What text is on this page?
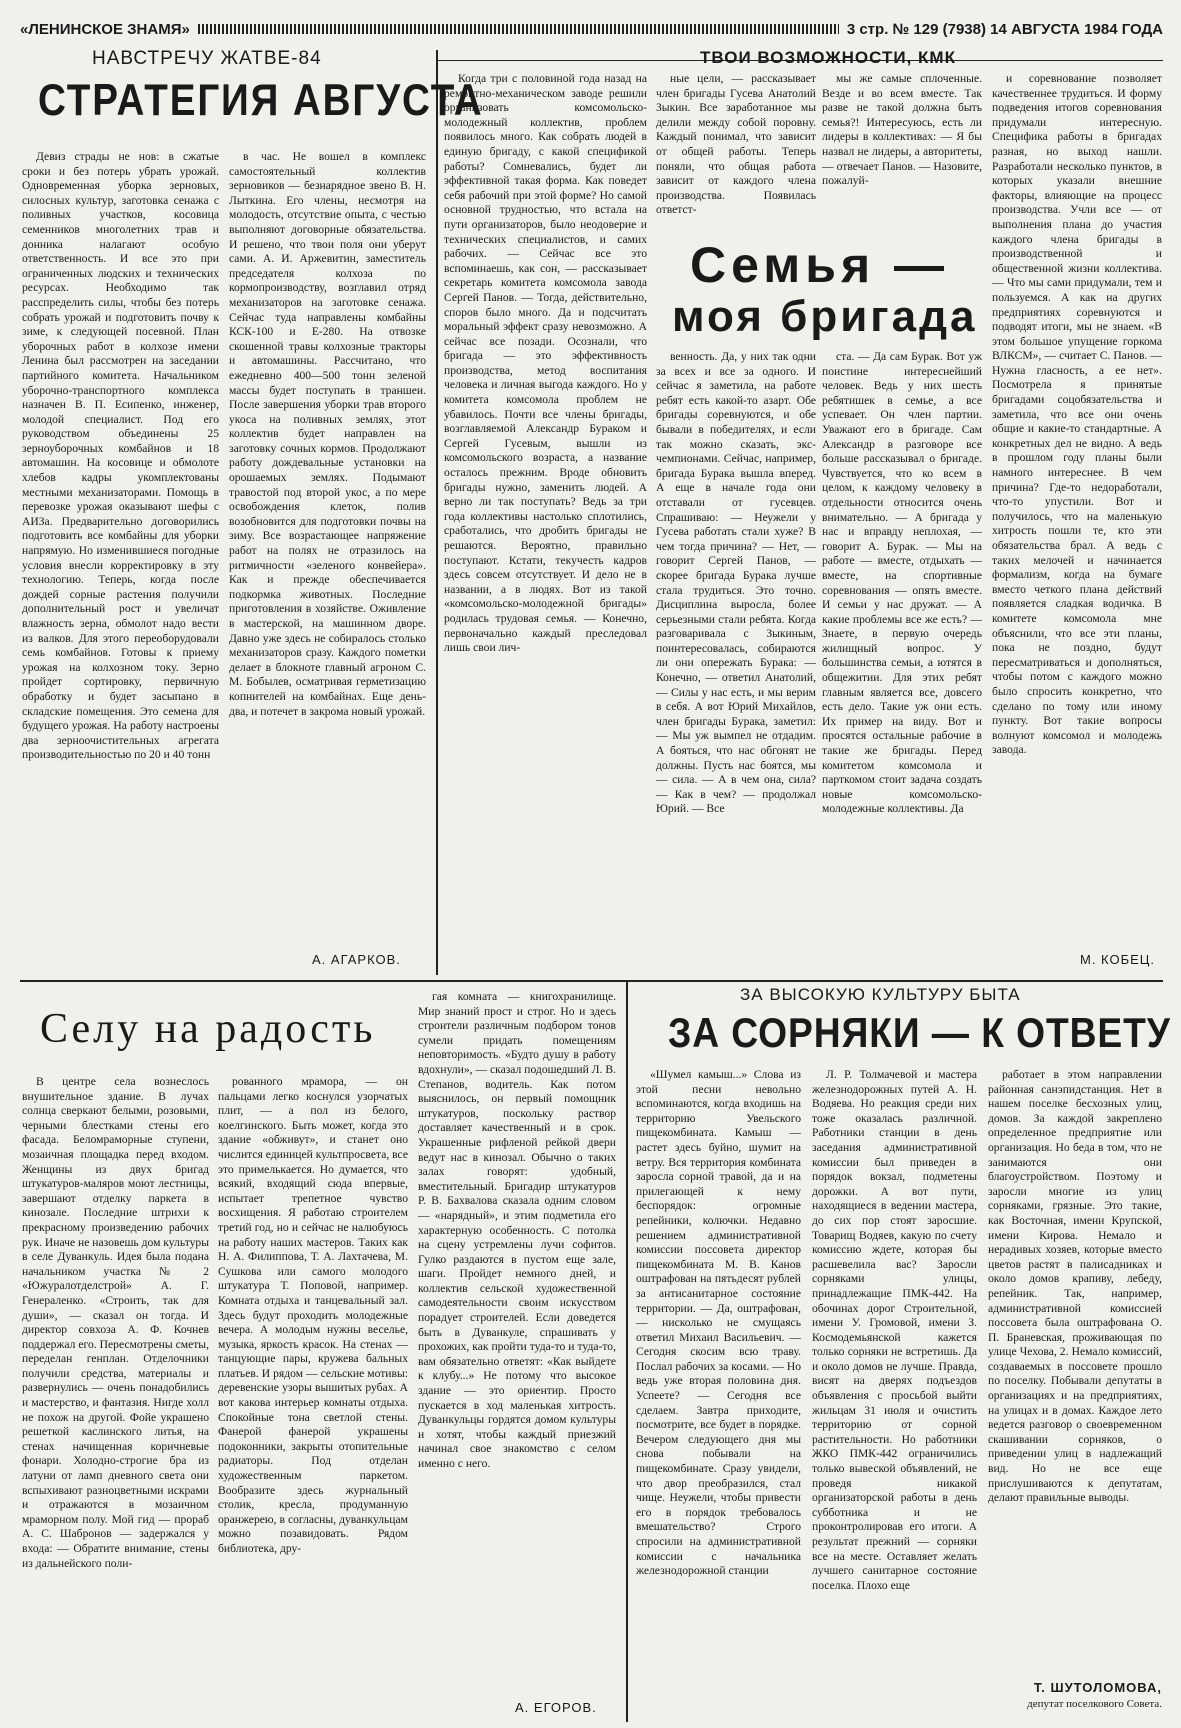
«ЛЕНИНСКОЕ ЗНАМЯ»	3 стр. № 129 (7938) 14 АВГУСТА 1984 ГОДА
НАВСТРЕЧУ ЖАТВЕ-84
СТРАТЕГИЯ АВГУСТА

Девиз страды не нов: в сжатые сроки и без потерь убрать урожай. Одновременная уборка зерновых, силосных культур, заготовка сенажа с поливных участков, косовица семенников многолетних трав и донника налагают особую ответственность. И все это при ограниченных людских и технических ресурсах. Необходимо так расспределить силы, чтобы без потерь собрать урожай и подготовить почву к зиме, к следующей посевной. План уборочных работ в колхозе имени Ленина был рассмотрен на заседании партийного комитета. Начальником уборочно-транспортного комплекса назначен В. П. Есипенко, инженер, молодой специалист. Под его руководством объединены 25 зерноуборочных комбайнов и 18 автомашин. На косовице и обмолоте хлебов кадры укомплектованы местными механизаторами. Помощь в перевозке урожая оказывают шефы с АИЗа. Предварительно договорились подготовить все комбайны для уборки напрямую. Но изменившиеся погодные условия внесли корректировку в эту технологию. Теперь, когда после дождей сорные растения получили дополнительный рост и увеличат влажность зерна, обмолот надо вести из валков. Для этого переоборудовали семь комбайнов. Готовы к приему урожая на колхозном току. Зерно пройдет сортировку, первичную обработку и будет засыпано в складские помещения. Это семена для будущего урожая. На работу настроены два зерноочистительных агрегата производительностью по 20 и 40 тонн

в час. Не вошел в комплекс самостоятельный коллектив зерновиков — безнарядное звено В. Н. Лыткина. Его члены, несмотря на молодость, отсутствие опыта, с честью выполняют договорные обязательства. И решено, что твои поля они уберут сами. А. И. Аржевитин, заместитель председателя колхоза по кормопроизводству, возглавил отряд механизаторов на заготовке сенажа. Сейчас туда направлены комбайны КСК-100 и Е-280. На отвозке скошенной травы колхозные тракторы и автомашины. Рассчитано, что ежедневно 400—500 тонн зеленой массы будет поступать в траншеи. После завершения уборки трав второго укоса на поливных землях, этот коллектив будет направлен на заготовку сочных кормов. Продолжают работу дождевальные установки на орошаемых землях. Подымают травостой под второй укос, а по мере освобождения клеток, полив возобновится для подготовки почвы на зиму. Все возрастающее напряжение работ на полях не отразилось на ритмичности «зеленого конвейера». Как и прежде обеспечивается подкормка животных. Последние приготовления в хозяйстве. Оживление в мастерской, на машинном дворе. Давно уже здесь не собиралось столько механизаторов сразу. Каждого пометки делает в блокноте главный агроном С. М. Бобылев, осматривая герметизацию копнителей на комбайнах. Еще день-два, и потечет в закрома новый урожай.

А. АГАРКОВ.
ТВОИ ВОЗМОЖНОСТИ, КМК

Когда три с половиной года назад на ремонтно-механическом заводе решили организовать комсомольско-молодежный коллектив, проблем появилось много. Как собрать людей в единую бригаду, с какой спецификой работы? Сомневались, будет ли эффективной такая форма. Как поведет себя рабочий при этой форме? Но самой основной трудностью, что встала на пути организаторов, было неодоверие и технических специалистов, и самих рабочих. — Сейчас все это вспоминаешь, как сон, — рассказывает секретарь комитета комсомола завода Сергей Панов. — Тогда, действительно, споров было много. Да и подсчитать моральный эффект сразу невозможно. А сейчас все позади. Осознали, что бригада — это эффективность производства, метод воспитания человека и личная выгода каждого. Но у комитета комсомола проблем не убавилось. Почти все члены бригады, возглавляемой Александр Бураком и Сергей Гусевым, вышли из комсомольского возраста, а название осталось прежним. Вроде обновить бригады нужно, заменить людей. А верно ли так поступать? Ведь за три года коллективы настолько сплотились, сработались, что дробить бригады не решаются. Вероятно, правильно поступают. Кстати, текучесть кадров здесь совсем отсутствует. И дело не в названии, а в людях. Вот из такой «комсомольско-молодежной бригады» родилась трудовая семья. — Конечно, первоначально каждый преследовал лишь свои лич-

ные цели, — рассказывает член бригады Гусева Анатолий Зыкин. Все заработанное мы делили между собой поровну. Каждый понимал, что зависит от общей работы. Теперь поняли, что общая работа зависит от каждого члена производства. Появилась ответст-

мы же самые сплоченные. Везде и во всем вместе. Так разве не такой должна быть семья?! Интересуюсь, есть ли лидеры в коллективах: — Я бы назвал не лидеры, а авторитеты, — отвечает Панов. — Назовите, пожалуй-

Семья —
моя бригада

венность. Да, у них так одни за всех и все за одного. И сейчас я заметила, на работе ребят есть какой-то азарт. Обе бригады соревнуются, и обе бывали в победителях, и если так можно сказать, экс-чемпионами. Сейчас, например, бригада Бурака вышла вперед. А еще в начале года они отставали от гусевцев. Спрашиваю: — Неужели у Гусева работать стали хуже? В чем тогда причина? — Нет, — говорит Сергей Панов, — скорее бригада Бурака лучше стала трудиться. Это точно. Дисциплина выросла, более серьезными стали ребята. Когда разговаривала с Зыкиным, поинтересовалась, собираются ли они опережать Бурака: — Конечно, — ответил Анатолий, — Силы у нас есть, и мы верим в себя. А вот Юрий Михайлов, член бригады Бурака, заметил: — Мы уж вымпел не отдадим. А бояться, что нас обгонят не должны. Пусть нас боятся, мы — сила. — А в чем она, сила? — Как в чем? — продолжал Юрий. — Все

ста. — Да сам Бурак. Вот уж поистине интереснейший человек. Ведь у них шесть ребятишек в семье, а все успевает. Он член партии. Уважают его в бригаде. Сам Александр в разговоре все больше рассказывал о бригаде. Чувствуется, что ко всем в целом, к каждому человеку в отдельности относится очень внимательно. — А бригада у нас и вправду неплохая, — говорит А. Бурак. — Мы на работе — вместе, отдыхать — вместе, на спортивные соревнования — опять вместе. И семьи у нас дружат. — А какие проблемы все же есть? — Знаете, в первую очередь жилищный вопрос. У большинства семьи, а ютятся в общежитии. Для этих ребят главным является все, довсего есть дело. Такие уж они есть. Их пример на виду. Вот и просятся остальные рабочие в такие же бригады. Перед комитетом комсомола и парткомом стоит задача создать новые комсомольско-молодежные коллективы. Да

и соревнование позволяет качественнее трудиться. И форму подведения итогов соревнования придумали интересную. Специфика работы в бригадах разная, но выход нашли. Разработали несколько пунктов, в которых указали внешние факторы, влияющие на процесс производства. Учли все — от выполнения плана до участия каждого члена бригады в производственной и общественной жизни коллектива. — Что мы сами придумали, тем и пользуемся. А как на других предприятиях соревнуются и подводят итоги, мы не знаем. «В этом большое упущение горкома ВЛКСМ», — считает С. Панов. — Нужна гласность, а ее нет». Посмотрела я принятые бригадами соцобязательства и заметила, что все они очень общие и какие-то стандартные. А конкретных дел не видно. А ведь в прошлом году планы были намного интереснее. В чем причина? Где-то недоработали, что-то упустили. Вот и получилось, что на маленькую хитрость пошли те, кто эти обязательства брал. А ведь с таких мелочей и начинается формализм, когда на бумаге вместо четкого плана действий появляется сладкая водичка. В комитете комсомола мне объяснили, что все эти планы, пока не поздно, будут пересматриваться и дополняться, чтобы потом с каждого можно было спросить конкретно, что сделано по тому или иному пункту. Вот такие вопросы волнуют комсомол и молодежь завода.

М. КОБЕЦ.
Селу на радость

В центре села вознеслось внушительное здание. В лучах солнца сверкают белыми, розовыми, черными блестками стены его фасада. Беломраморные ступени, мозаичная площадка перед входом. Женщины из двух бригад штукатуров-маляров моют лестницы, завершают отделку паркета в кинозале. Последние штрихи к прекрасному произведению рабочих рук. Иначе не назовешь дом культуры в селе Дуванкуль. Идея была подана начальником участка № 2 «Южуралотделстрой» А. Г. Генераленко. «Строить, так для души», — сказал он тогда. И директор совхоза А. Ф. Кочнев поддержал его. Пересмотрены сметы, переделан генплан. Отделочники получили средства, материалы и развернулись — очень понадобились и мастерство, и фантазия. Нигде холл не похож на другой. Фойе украшено решеткой каслинского литья, на стенах начищенная коричневые фонари. Холодно-строгие бра из латуни от ламп дневного света они вспыхивают разноцветными искрами и отражаются в мозаичном мраморном полу. Мой гид — прораб А. С. Шабронов — задержался у входа: — Обратите внимание, стены из дальнейского поли-

рованного мрамора, — он пальцами легко коснулся узорчатых плит, — а пол из белого, коелгинского. Быть может, когда это здание «обживут», и станет оно числится единицей культпросвета, все это примелькается. Но думается, что всякий, входящий сюда впервые, испытает трепетное чувство восхищения. Я работаю строителем третий год, но и сейчас не налюбуюсь на работу наших мастеров. Таких как Н. А. Филиппова, Т. А. Лахтачева, М. Сушкова или самого молодого штукатура Т. Поповой, например. Комната отдыха и танцевальный зал. Здесь будут проходить молодежные вечера. А молодым нужны веселье, музыка, яркость красок. На стенах — танцующие пары, кружева бальных платьев. И рядом — сельские мотивы: деревенские узоры вышитых рубах. А вот какова интерьер комнаты отдыха. Спокойные тона светлой стены. Фанерой фанерой украшены подоконники, закрыты отопительные радиаторы. Под отделан художественным паркетом. Вообразите здесь журнальный столик, кресла, продуманную оранжерею, в согласны, дуванкульцам можно позавидовать. Рядом библиотека, дру-

гая комната — книгохранилище. Мир знаний прост и строг. Но и здесь строители различным подбором тонов сумели придать помещениям неповторимость. «Будто душу в работу вдохнули», — сказал подошедший Л. В. Степанов, водитель. Как потом выяснилось, он первый помощник штукатуров, поскольку раствор доставляет качественный и в срок. Украшенные рифленой рейкой двери ведут нас в кинозал. Обычно о таких залах говорят: удобный, вместительный. Бригадир штукатуров Р. В. Бахвалова сказала одним словом — «нарядный», и этим подметила его характерную особенность. С потолка на сцену устремлены лучи софитов. Гулко раздаются в пустом еще зале, шаги. Пройдет немного дней, и коллектив сельской художественной самодеятельности своим искусством порадует строителей. Если доведется быть в Дуванкуле, спрашивать у прохожих, как пройти туда-то и туда-то, вам обязательно ответят: «Как выйдете к клубу...» Не потому что высокое здание — это ориентир. Просто пускается в ход маленькая хитрость. Дуванкульцы гордятся домом культуры и хотят, чтобы каждый приезжий начинал свое знакомство с селом именно с него.

А. ЕГОРОВ.
ЗА ВЫСОКУЮ КУЛЬТУРУ БЫТА
ЗА СОРНЯКИ — К ОТВЕТУ

«Шумел камыш...» Слова из этой песни невольно вспоминаются, когда входишь на территорию Увельского пищекомбината. Камыш — растет здесь буйно, шумит на ветру. Вся территория комбината заросла сорной травой, да и на прилегающей к нему беспорядок: огромные репейники, колючки. Недавно решением административной комиссии поссовета директор пищекомбината М. В. Канов оштрафован на пятьдесят рублей за антисанитарное состояние территории. — Да, оштрафован, — нисколько не смущаясь ответил Михаил Васильевич. — Сегодня скосим всю траву. Послал рабочих за косами. — Но ведь уже вторая половина дня. Успеете? — Сегодня все сделаем. Завтра приходите, посмотрите, все будет в порядке. Вечером следующего дня мы снова побывали на пищекомбинате. Сразу увидели, что двор преобразился, стал чище. Неужели, чтобы привести его в порядок требовалось вмешательство? Строго спросили на административной комиссии с начальника железнодорожной станции

Л. Р. Толмачевой и мастера железнодорожных путей А. Н. Водяева. Но реакция среди них тоже оказалась различной. Работники станции в день заседания административной комиссии был приведен в порядок вокзал, подметены дорожки. А вот пути, находящиеся в ведении мастера, до сих пор стоят заросшие. Товарищ Водяев, какую по счету комиссию ждете, которая бы расшевелила вас? Заросли сорняками улицы, принадлежащие ПМК-442. На обочинах дорог Строительной, имени У. Громовой, имени З. Космодемьянской кажется только сорняки не встретишь. Да и около домов не лучше. Правда, висят на дверях подъездов объявления с просьбой выйти жильцам 31 июля и очистить территорию от сорной растительности. Но работники ЖКО ПМК-442 ограничились только вывеской объявлений, не проведя никакой организаторской работы в день субботника и не проконтролировав его итоги. А результат прежний — сорняки все на месте. Оставляет желать лучшего санитарное состояние поселка. Плохо еще

работает в этом направлении районная санэпидстанция. Нет в нашем поселке бесхозных улиц, домов. За каждой закреплено определенное предприятие или организация. Но беда в том, что не занимаются они благоустройством. Поэтому и заросли многие из улиц сорняками, грязные. Это такие, как Восточная, имени Крупской, имени Кирова. Немало и нерадивых хозяев, которые вместо цветов растят в палисадниках и около домов крапиву, лебеду, репейник. Так, например, административной комиссией поссовета была оштрафована О. П. Браневская, проживающая по улице Чехова, 2. Немало комиссий, создаваемых в поссовете прошло по поселку. Побывали депутаты в организациях и на предприятиях, на улицах и в домах. Каждое лето ведется разговор о своевременном скашивании сорняков, о приведении улиц в надлежащий вид. Но не все еще прислушиваются к депутатам, делают правильные выводы.

Т. ШУТОЛОМОВА,
депутат поселкового Совета.
